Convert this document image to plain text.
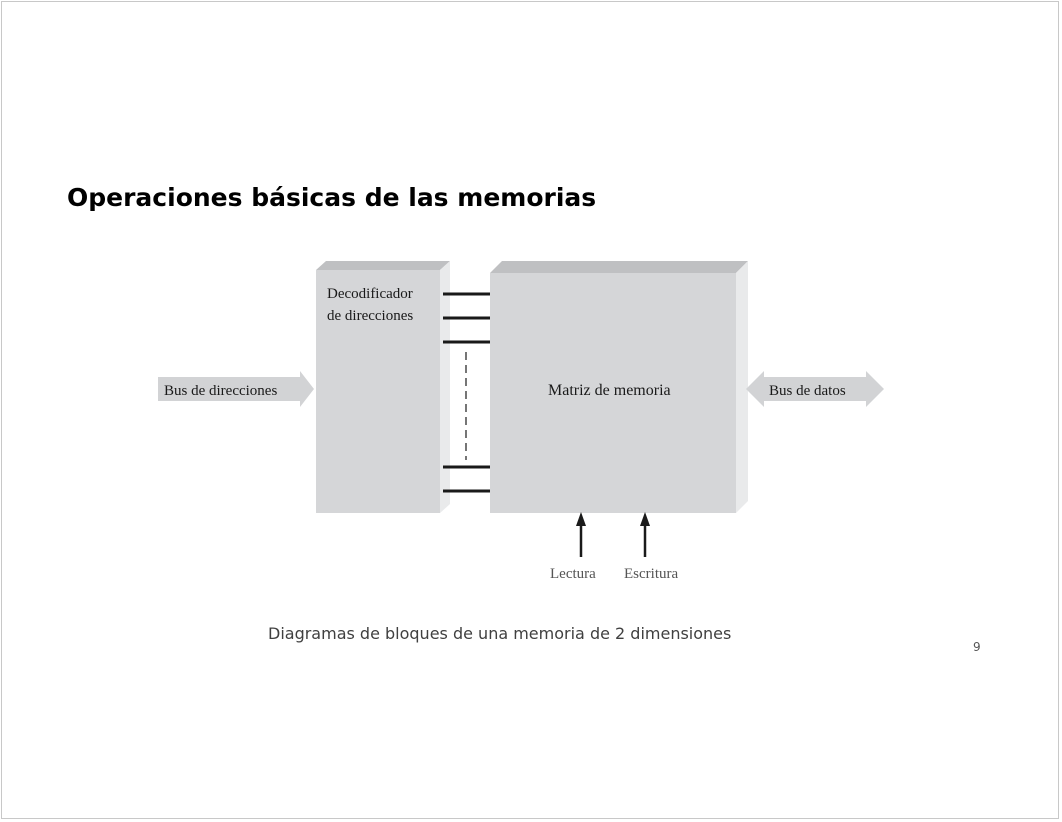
Operaciones básicas de las memorias
Bus de direcciones
Decodificador
de direcciones
Matriz de memoria	Bus de datos
Lectura Escritura
Diagramas de bloques de una memoria de 2 dimensiones
9
